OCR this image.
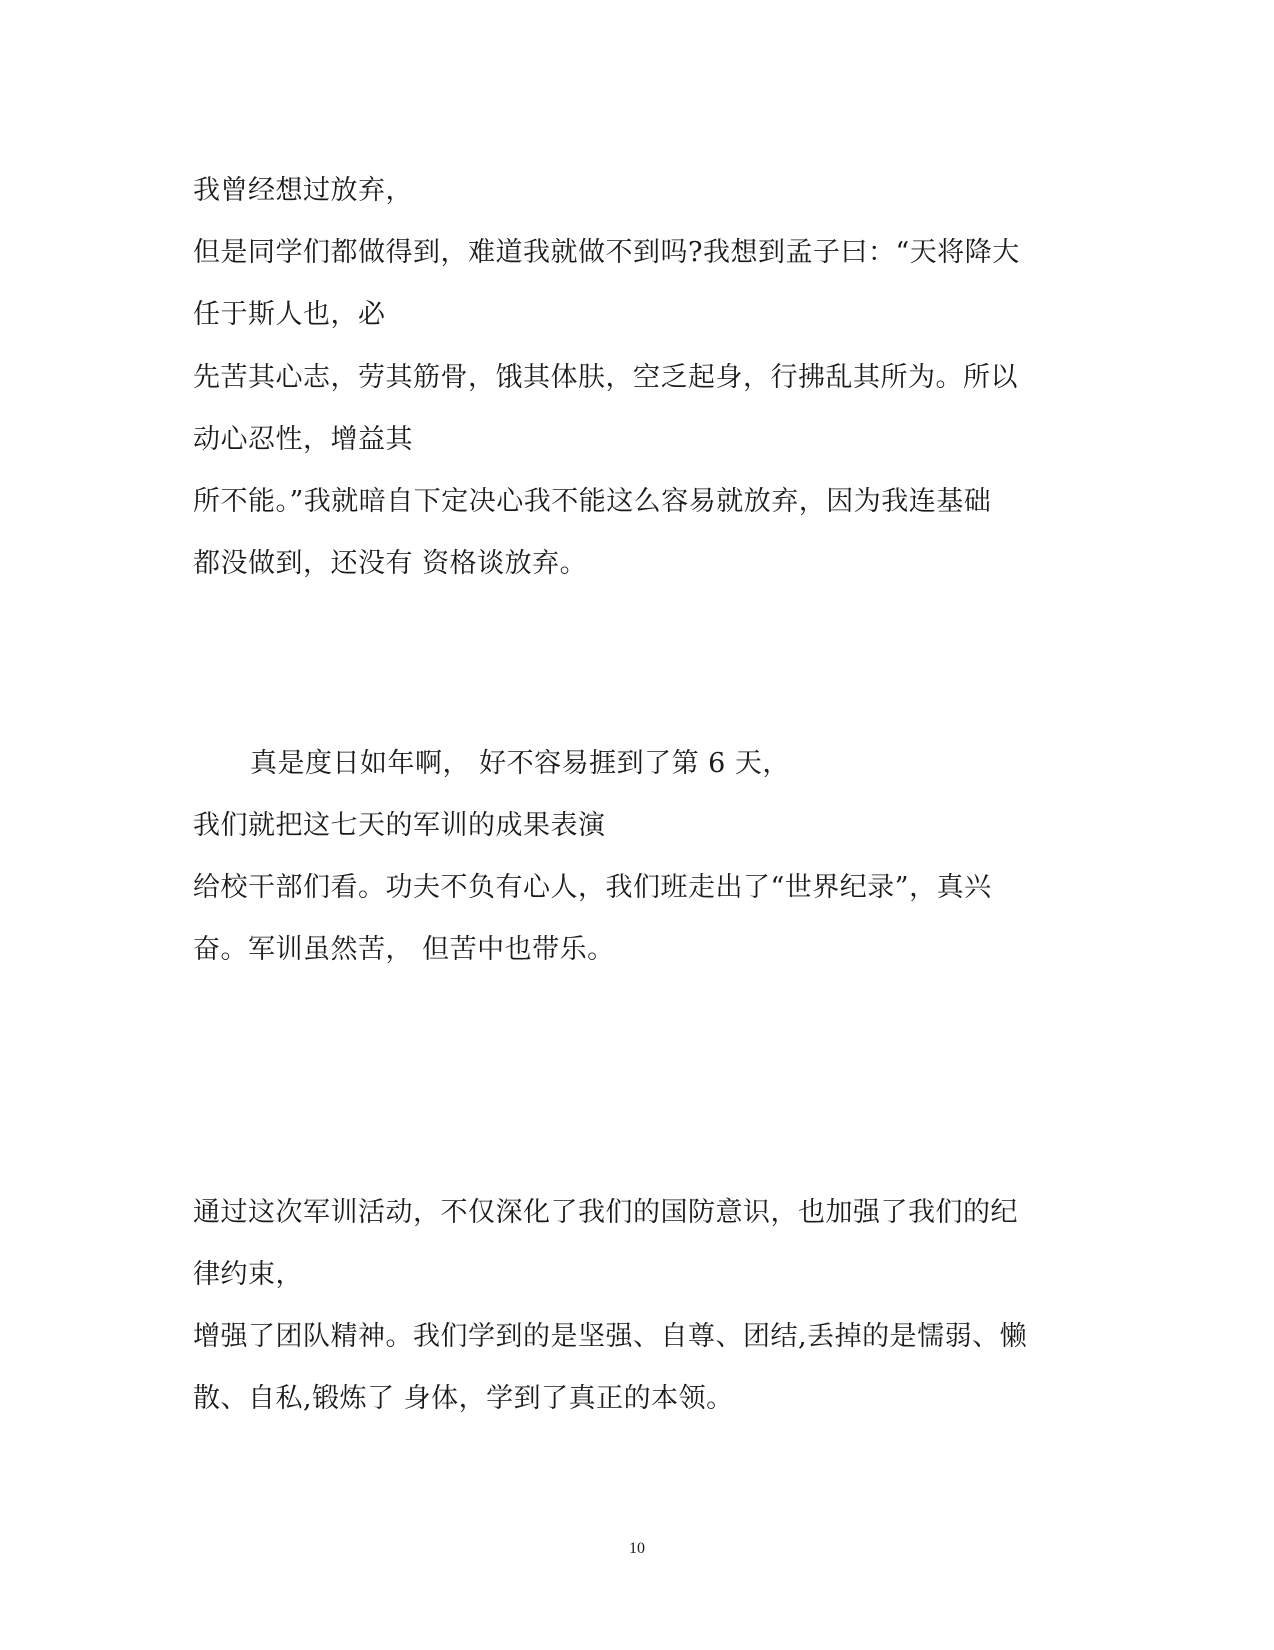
我曾经想过放弃，
但是同学们都做得到，难道我就做不到吗?我想到孟子曰：“天将降大
任于斯人也，必
先苦其心志，劳其筋骨，饿其体肤，空乏起身，行拂乱其所为。所以
动心忍性，增益其
所不能。”我就暗自下定决心我不能这么容易就放弃，因为我连基础
都没做到，还没有 资格谈放弃。
真是度日如年啊， 好不容易捱到了第 6 天，
我们就把这七天的军训的成果表演
给校干部们看。功夫不负有心人，我们班走出了“世界纪录”，真兴
奋。军训虽然苦， 但苦中也带乐。
通过这次军训活动，不仅深化了我们的国防意识，也加强了我们的纪
律约束，
增强了团队精神。我们学到的是坚强、自尊、团结,丢掉的是懦弱、懒
散、自私,锻炼了 身体，学到了真正的本领。
10
